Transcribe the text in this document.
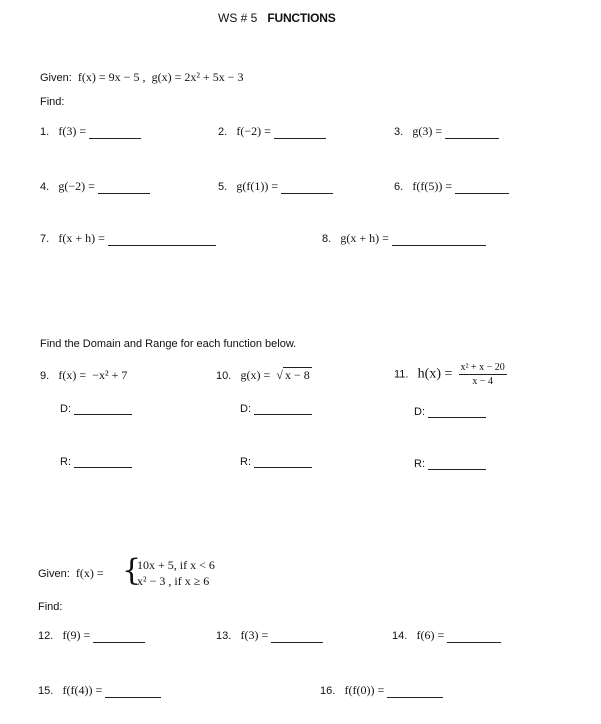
WS # 5 FUNCTIONS
Given: f(x) = 9x − 5 , g(x) = 2x² + 5x − 3
Find:
1. f(3) =	2. f(−2) =	3. g(3) =
4. g(−2) =	5. g(f(1)) =	6. f(f(5)) =
7. f(x + h) =	8. g(x + h) =
Find the Domain and Range for each function below.
9. f(x) = −x² + 7	10. g(x) = √ x − 8	11. $h(x) = \frac{\text{x² + x − 20}}{x - 4}$
D:	D:	D:
R:	R:	R:
Given: f(x) = {
10x + 5, if x < 6
x² − 3 , if x ≥ 6
Find:
12. f(9) =	13. f(3) =	14. f(6) =
15. f(f(4)) =	16. f(f(0)) =
